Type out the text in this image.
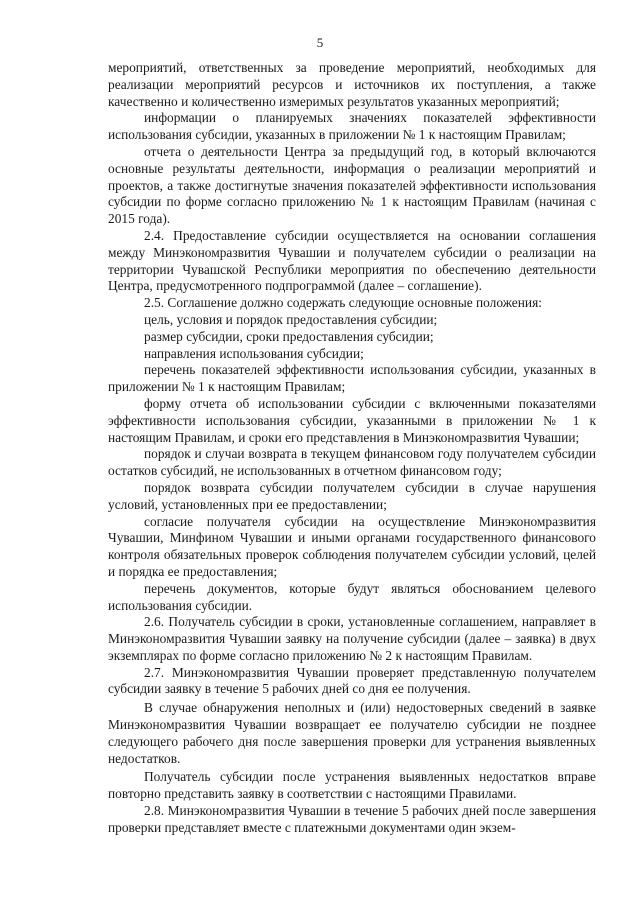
5

мероприятий, ответственных за проведение мероприятий, необходимых для реализации мероприятий ресурсов и источников их поступления, а также качественно и количественно измеримых результатов указанных мероприятий;

информации о планируемых значениях показателей эффективности использования субсидии, указанных в приложении № 1 к настоящим Правилам;

отчета о деятельности Центра за предыдущий год, в который включаются основные результаты деятельности, информация о реализации мероприятий и проектов, а также достигнутые значения показателей эффективности использования субсидии по форме согласно приложению № 1 к настоящим Правилам (начиная с 2015 года).

2.4. Предоставление субсидии осуществляется на основании соглашения между Минэкономразвития Чувашии и получателем субсидии о реализации на территории Чувашской Республики мероприятия по обеспечению деятельности Центра, предусмотренного подпрограммой (далее – соглашение).

2.5. Соглашение должно содержать следующие основные положения:

цель, условия и порядок предоставления субсидии;

размер субсидии, сроки предоставления субсидии;

направления использования субсидии;

перечень показателей эффективности использования субсидии, указанных в приложении № 1 к настоящим Правилам;

форму отчета об использовании субсидии с включенными показателями эффективности использования субсидии, указанными в приложении № 1 к настоящим Правилам, и сроки его представления в Минэкономразвития Чувашии;

порядок и случаи возврата в текущем финансовом году получателем субсидии остатков субсидий, не использованных в отчетном финансовом году;

порядок возврата субсидии получателем субсидии в случае нарушения условий, установленных при ее предоставлении;

согласие получателя субсидии на осуществление Минэкономразвития Чувашии, Минфином Чувашии и иными органами государственного финансового контроля обязательных проверок соблюдения получателем субсидии условий, целей и порядка ее предоставления;

перечень документов, которые будут являться обоснованием целевого использования субсидии.

2.6. Получатель субсидии в сроки, установленные соглашением, направляет в Минэкономразвития Чувашии заявку на получение субсидии (далее – заявка) в двух экземплярах по форме согласно приложению № 2 к настоящим Правилам.

2.7. Минэкономразвития Чувашии проверяет представленную получателем субсидии заявку в течение 5 рабочих дней со дня ее получения.

В случае обнаружения неполных и (или) недостоверных сведений в заявке Минэкономразвития Чувашии возвращает ее получателю субсидии не позднее следующего рабочего дня после завершения проверки для устранения выявленных недостатков.

Получатель субсидии после устранения выявленных недостатков вправе повторно представить заявку в соответствии с настоящими Правилами.

2.8. Минэкономразвития Чувашии в течение 5 рабочих дней после завершения проверки представляет вместе с платежными документами один экзем-
